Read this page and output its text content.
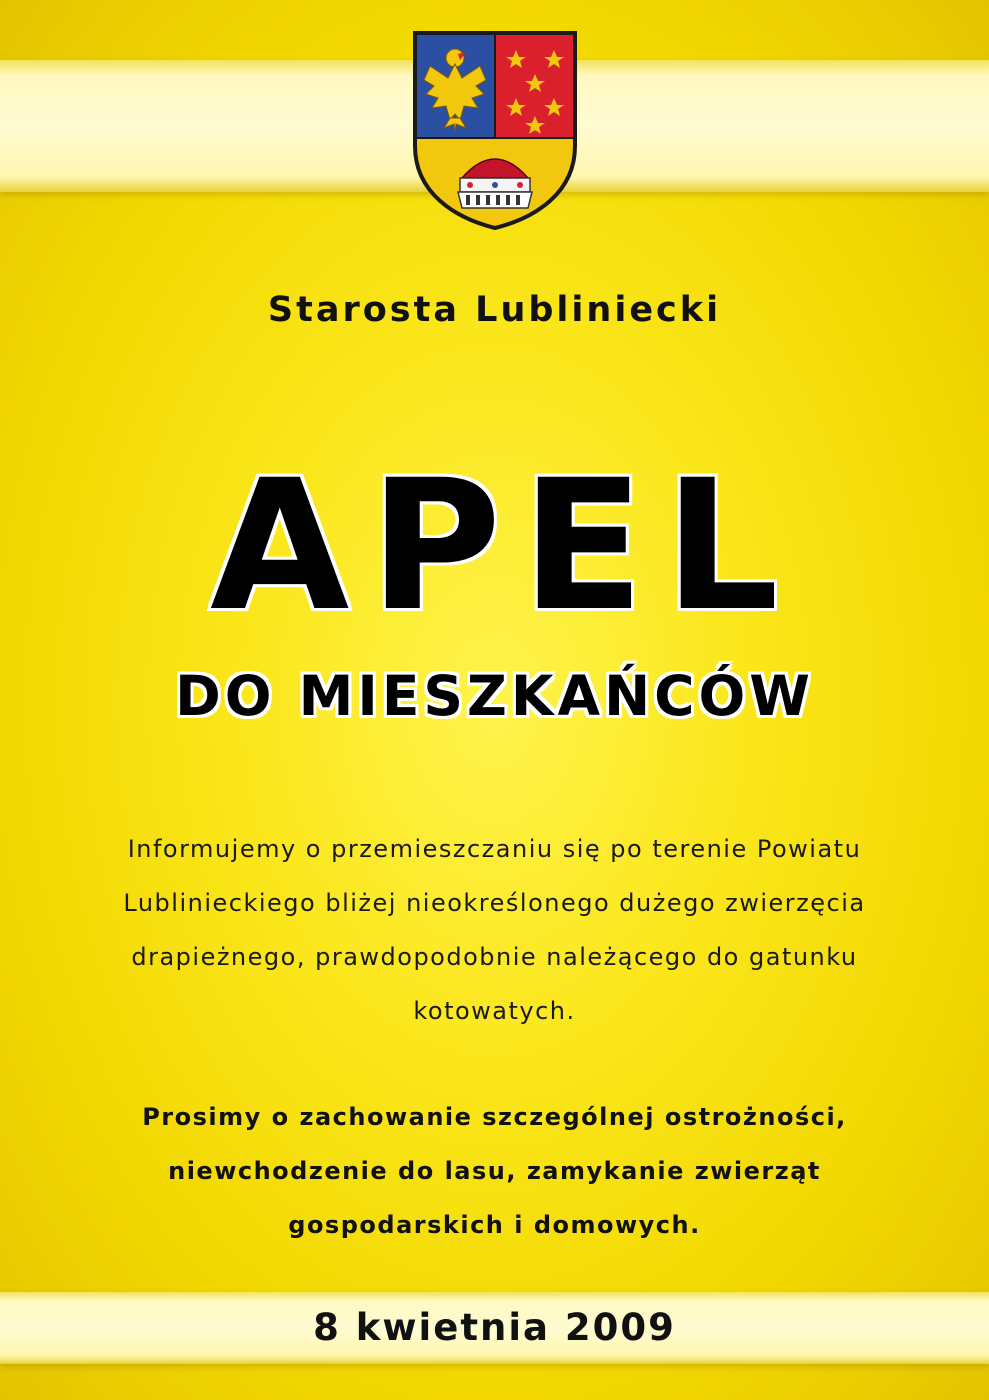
Starosta Lubliniecki
APEL
DO MIESZKAŃCÓW
Informujemy o przemieszczaniu się po terenie Powiatu Lublinieckiego bliżej nieokreślonego dużego zwierzęcia drapieżnego, prawdopodobnie należącego do gatunku kotowatych.
Prosimy o zachowanie szczególnej ostrożności, niewchodzenie do lasu, zamykanie zwierząt gospodarskich i domowych.
8 kwietnia 2009
